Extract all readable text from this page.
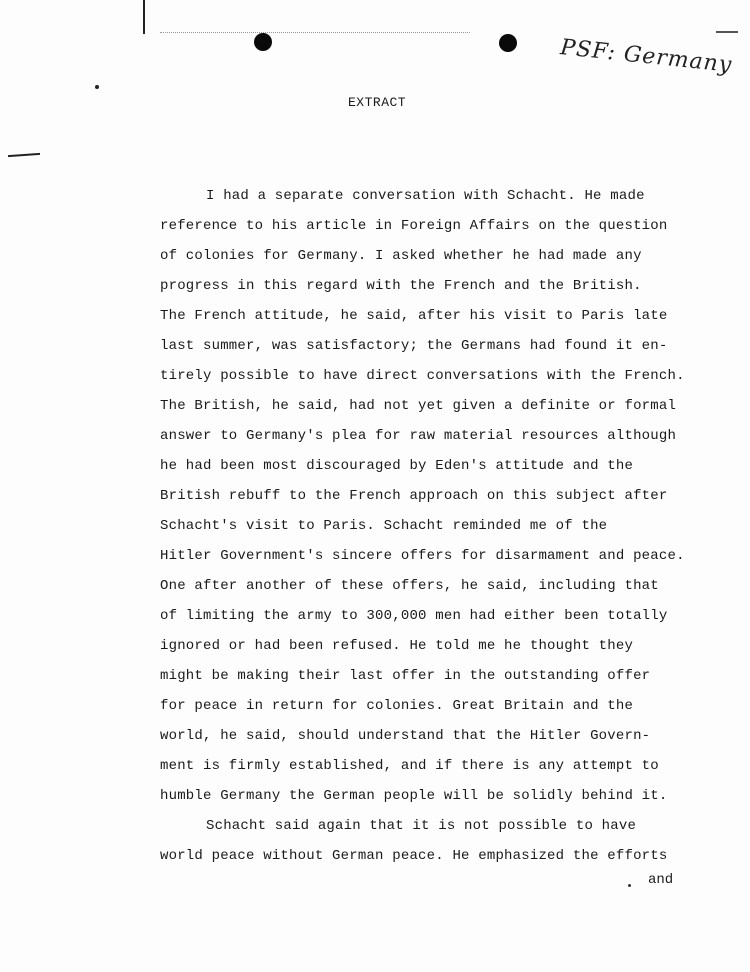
PSF: Germany
EXTRACT
I had a separate conversation with Schacht. He made
reference to his article in Foreign Affairs on the question
of colonies for Germany. I asked whether he had made any
progress in this regard with the French and the British.
The French attitude, he said, after his visit to Paris late
last summer, was satisfactory; the Germans had found it en-
tirely possible to have direct conversations with the French.
The British, he said, had not yet given a definite or formal
answer to Germany's plea for raw material resources although
he had been most discouraged by Eden's attitude and the
British rebuff to the French approach on this subject after
Schacht's visit to Paris. Schacht reminded me of the
Hitler Government's sincere offers for disarmament and peace.
One after another of these offers, he said, including that
of limiting the army to 300,000 men had either been totally
ignored or had been refused. He told me he thought they
might be making their last offer in the outstanding offer
for peace in return for colonies. Great Britain and the
world, he said, should understand that the Hitler Govern-
ment is firmly established, and if there is any attempt to
humble Germany the German people will be solidly behind it.
Schacht said again that it is not possible to have
world peace without German peace. He emphasized the efforts
and
